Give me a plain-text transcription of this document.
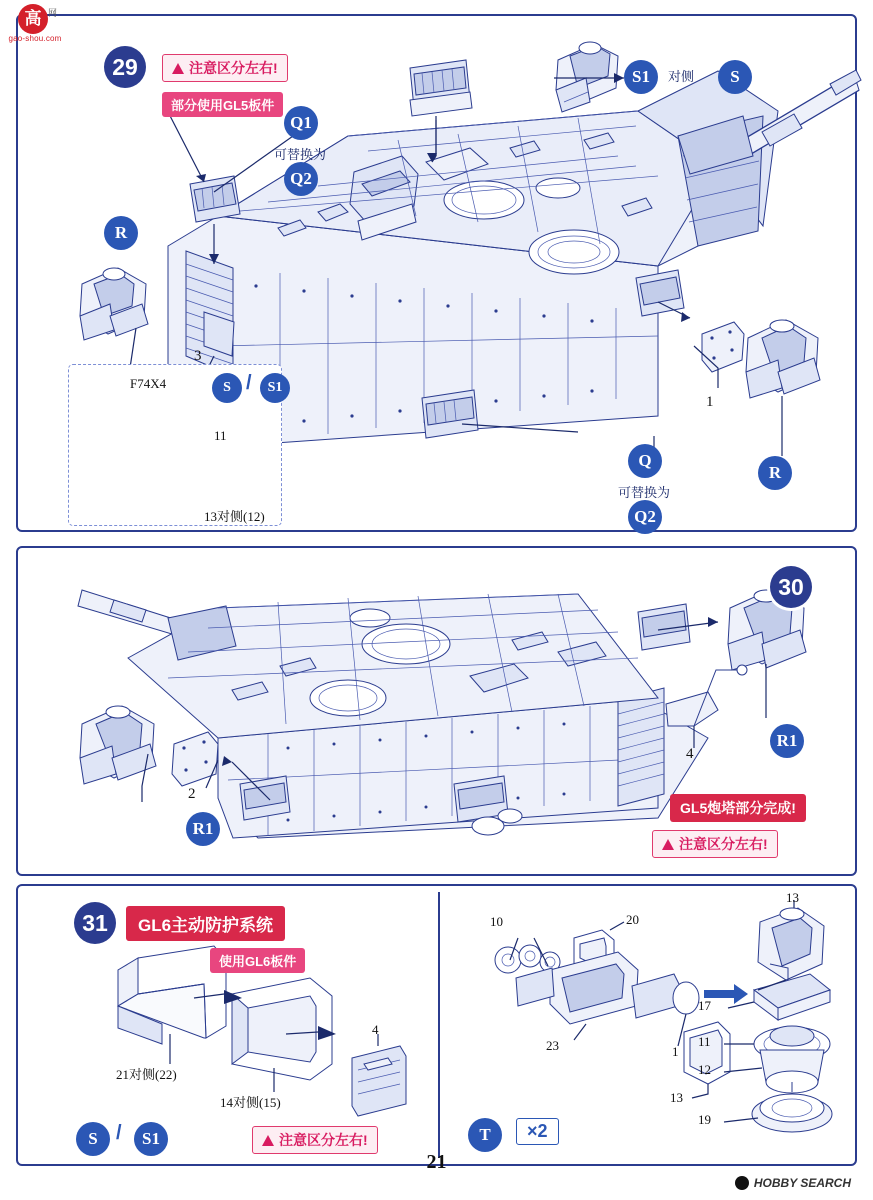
高 网
gao-shou.com
29	注意区分左右!
部分使用GL5板件
Q1
可替换为
Q2
R
R
S1	对侧	S
Q
可替换为
Q2
3
1
F74X4	S /	S1
11
13对侧(12)
30
R1
R1
2
4
GL5炮塔部分完成!
注意区分左右!
31	GL6主动防护系统
使用GL6板件
21对侧(22)
14对侧(15)
4
S /	S1	注意区分左右!
10	20
23	1
13
13
17
11
12
19
T	×2
21
HOBBY SEARCH
